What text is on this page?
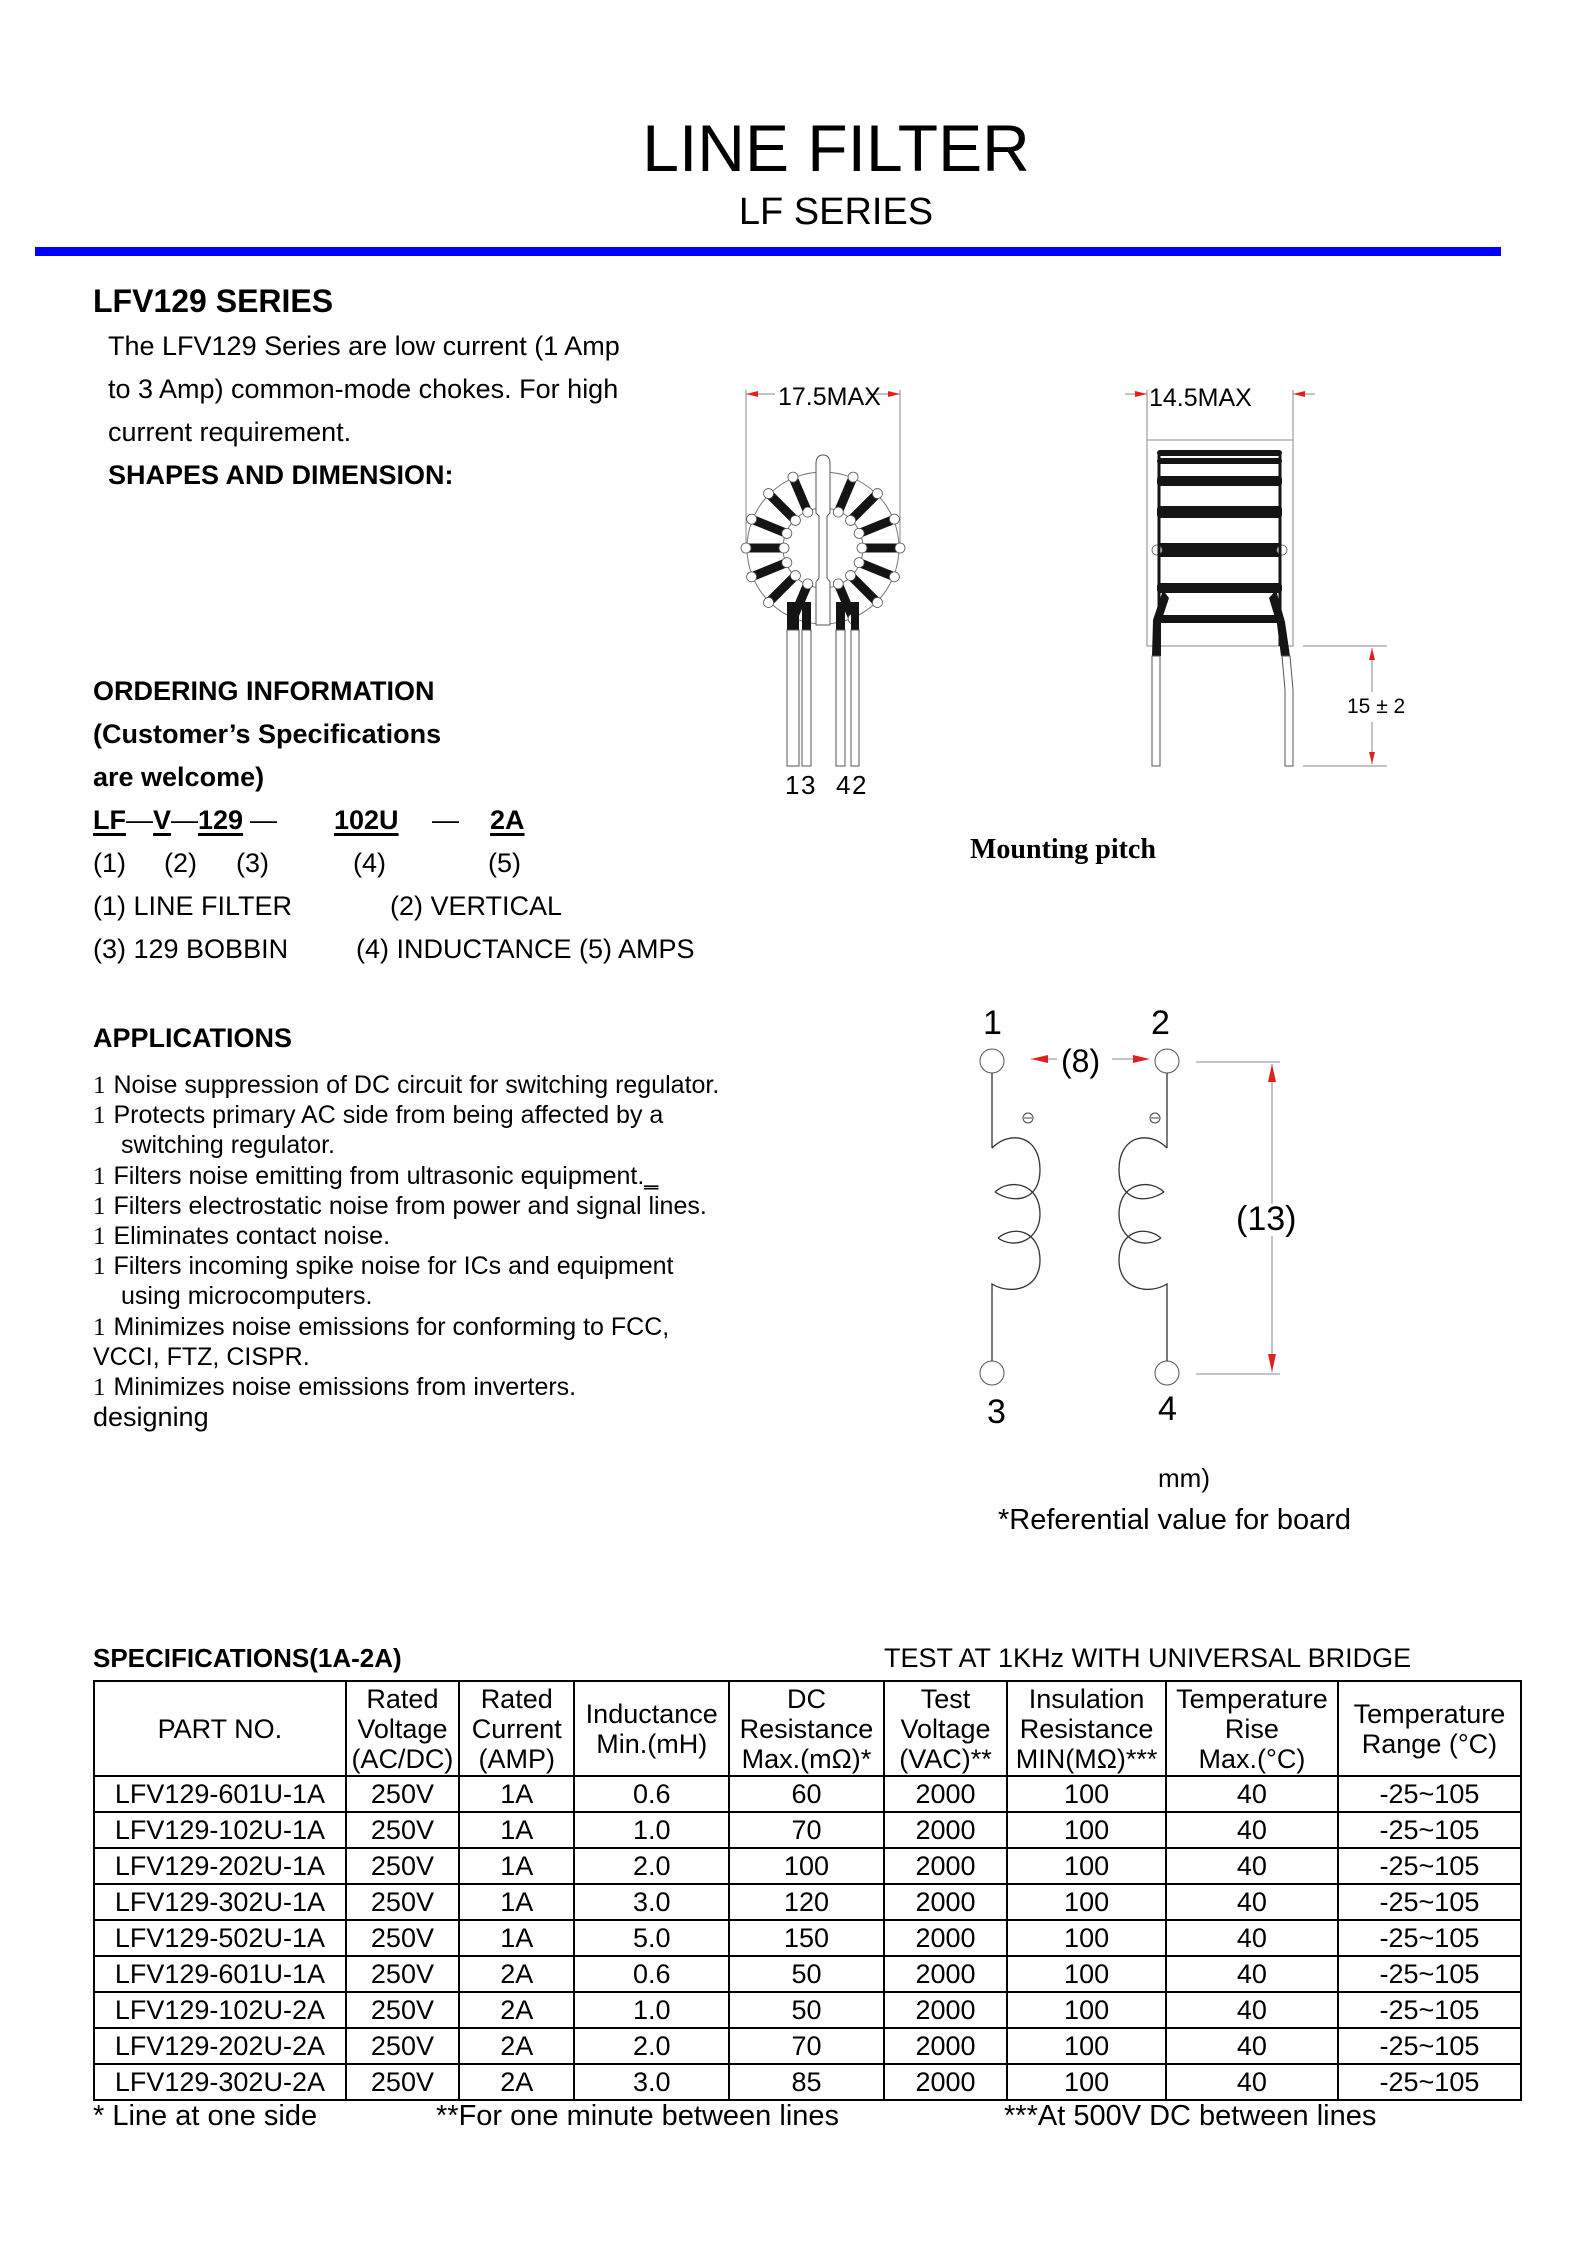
LINE FILTER
LF SERIES
LFV129 SERIES
The LFV129 Series are low current (1 Amp
to 3 Amp) common-mode chokes. For high
current requirement.
SHAPES AND DIMENSION:
17.5MAX
1 3 4 2
14.5MAX
15 ± 2
Mounting pitch
ORDERING INFORMATION
(Customer’s Specifications
are welcome)
LF—V—129 — 102U — 2A
(1) (2) (3)	(4)	(5)
(1) LINE FILTER	(2) VERTICAL
(3) 129 BOBBIN	(4) INDUCTANCE (5) AMPS
APPLICATIONS
1 Noise suppression of DC circuit for switching regulator.
1 Protects primary AC side from being affected by a
switching regulator.
1 Filters noise emitting from ultrasonic equipment.‗
1 Filters electrostatic noise from power and signal lines.
1 Eliminates contact noise.
1 Filters incoming spike noise for ICs and equipment
using microcomputers.
1 Minimizes noise emissions for conforming to FCC,
VCCI, FTZ, CISPR.
1 Minimizes noise emissions from inverters.
designing
1	2
3	4
(8)
(13)
mm)
*Referential value for board
SPECIFICATIONS(1A-2A)	TEST AT 1KHz WITH UNIVERSAL BRIDGE
PART NO.

Rated
Voltage
(AC/DC)

Rated
Current
(AMP)

Inductance
Min.(mH)

DC
Resistance
Max.(mΩ)*

Test
Voltage
(VAC)**

Insulation
Resistance
MIN(MΩ)***

Temperature
Rise
Max.(°C)

Temperature
Range (°C)

LFV129-601U-1A	250V	1A	0.6	60	2000	100	40	-25~105
LFV129-102U-1A	250V	1A	1.0	70	2000	100	40	-25~105
LFV129-202U-1A	250V	1A	2.0	100	2000	100	40	-25~105
LFV129-302U-1A	250V	1A	3.0	120	2000	100	40	-25~105
LFV129-502U-1A	250V	1A	5.0	150	2000	100	40	-25~105
LFV129-601U-1A	250V	2A	0.6	50	2000	100	40	-25~105
LFV129-102U-2A	250V	2A	1.0	50	2000	100	40	-25~105
LFV129-202U-2A	250V	2A	2.0	70	2000	100	40	-25~105
LFV129-302U-2A	250V	2A	3.0	85	2000	100	40	-25~105
* Line at one side	**For one minute between lines	***At 500V DC between lines
